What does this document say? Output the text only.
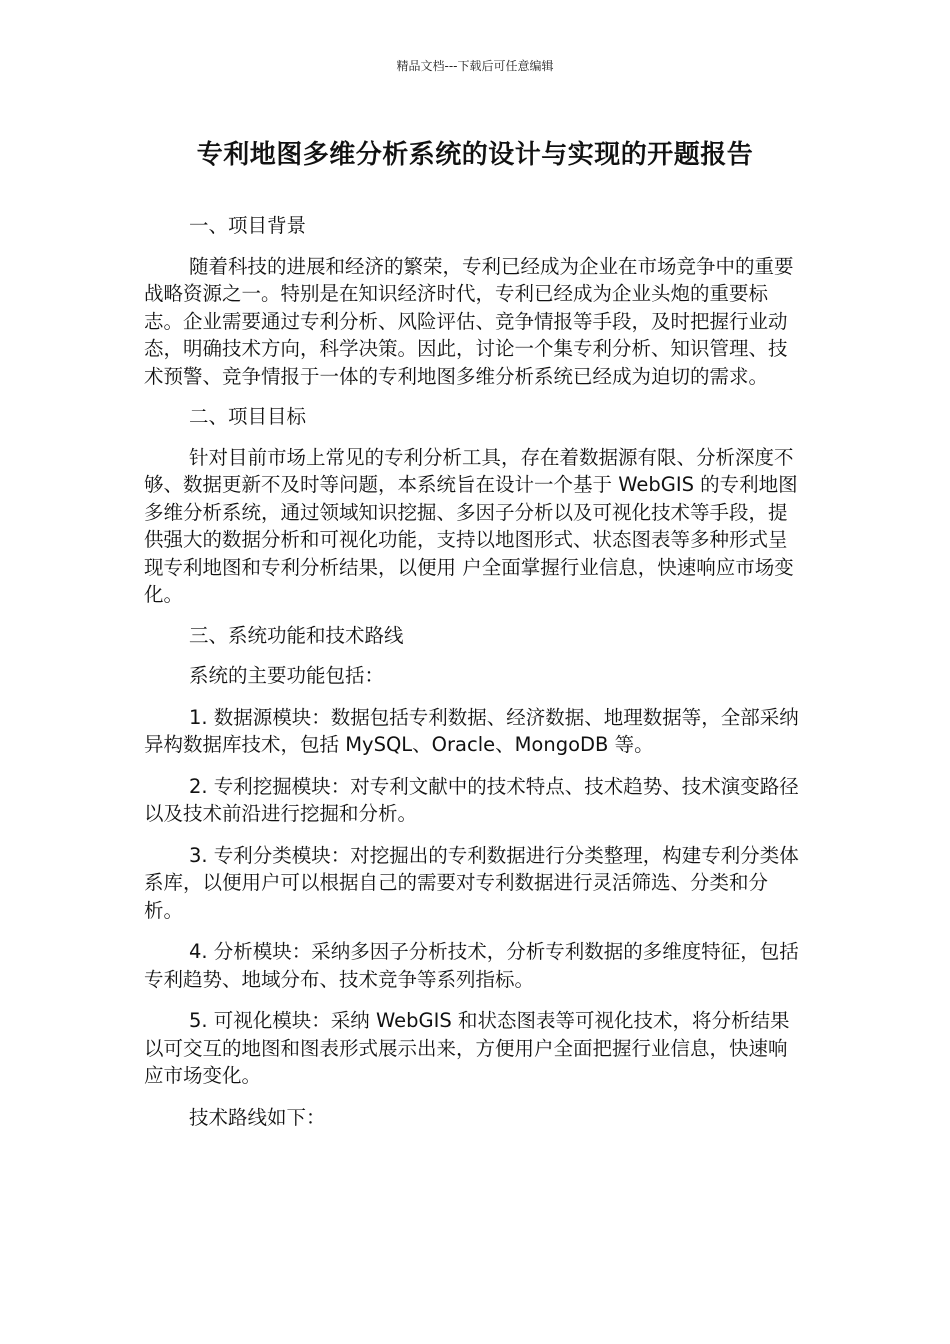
精品文档---下载后可任意编辑
专利地图多维分析系统的设计与实现的开题报告

一、项目背景

随着科技的进展和经济的繁荣，专利已经成为企业在市场竞争中的重要战略资源之一。特别是在知识经济时代，专利已经成为企业头炮的重要标志。企业需要通过专利分析、风险评估、竞争情报等手段，及时把握行业动态，明确技术方向，科学决策。因此，讨论一个集专利分析、知识管理、技术预警、竞争情报于一体的专利地图多维分析系统已经成为迫切的需求。

二、项目目标

针对目前市场上常见的专利分析工具，存在着数据源有限、分析深度不够、数据更新不及时等问题，本系统旨在设计一个基于 WebGIS 的专利地图多维分析系统，通过领域知识挖掘、多因子分析以及可视化技术等手段，提供强大的数据分析和可视化功能，支持以地图形式、状态图表等多种形式呈现专利地图和专利分析结果，以便用 户全面掌握行业信息，快速响应市场变化。

三、系统功能和技术路线

系统的主要功能包括：

1. 数据源模块：数据包括专利数据、经济数据、地理数据等，全部采纳异构数据库技术，包括 MySQL、Oracle、MongoDB 等。

2. 专利挖掘模块：对专利文献中的技术特点、技术趋势、技术演变路径以及技术前沿进行挖掘和分析。

3. 专利分类模块：对挖掘出的专利数据进行分类整理，构建专利分类体系库，以便用户可以根据自己的需要对专利数据进行灵活筛选、分类和分析。

4. 分析模块：采纳多因子分析技术，分析专利数据的多维度特征，包括专利趋势、地域分布、技术竞争等系列指标。

5. 可视化模块：采纳 WebGIS 和状态图表等可视化技术，将分析结果以可交互的地图和图表形式展示出来，方便用户全面把握行业信息，快速响应市场变化。

技术路线如下：
